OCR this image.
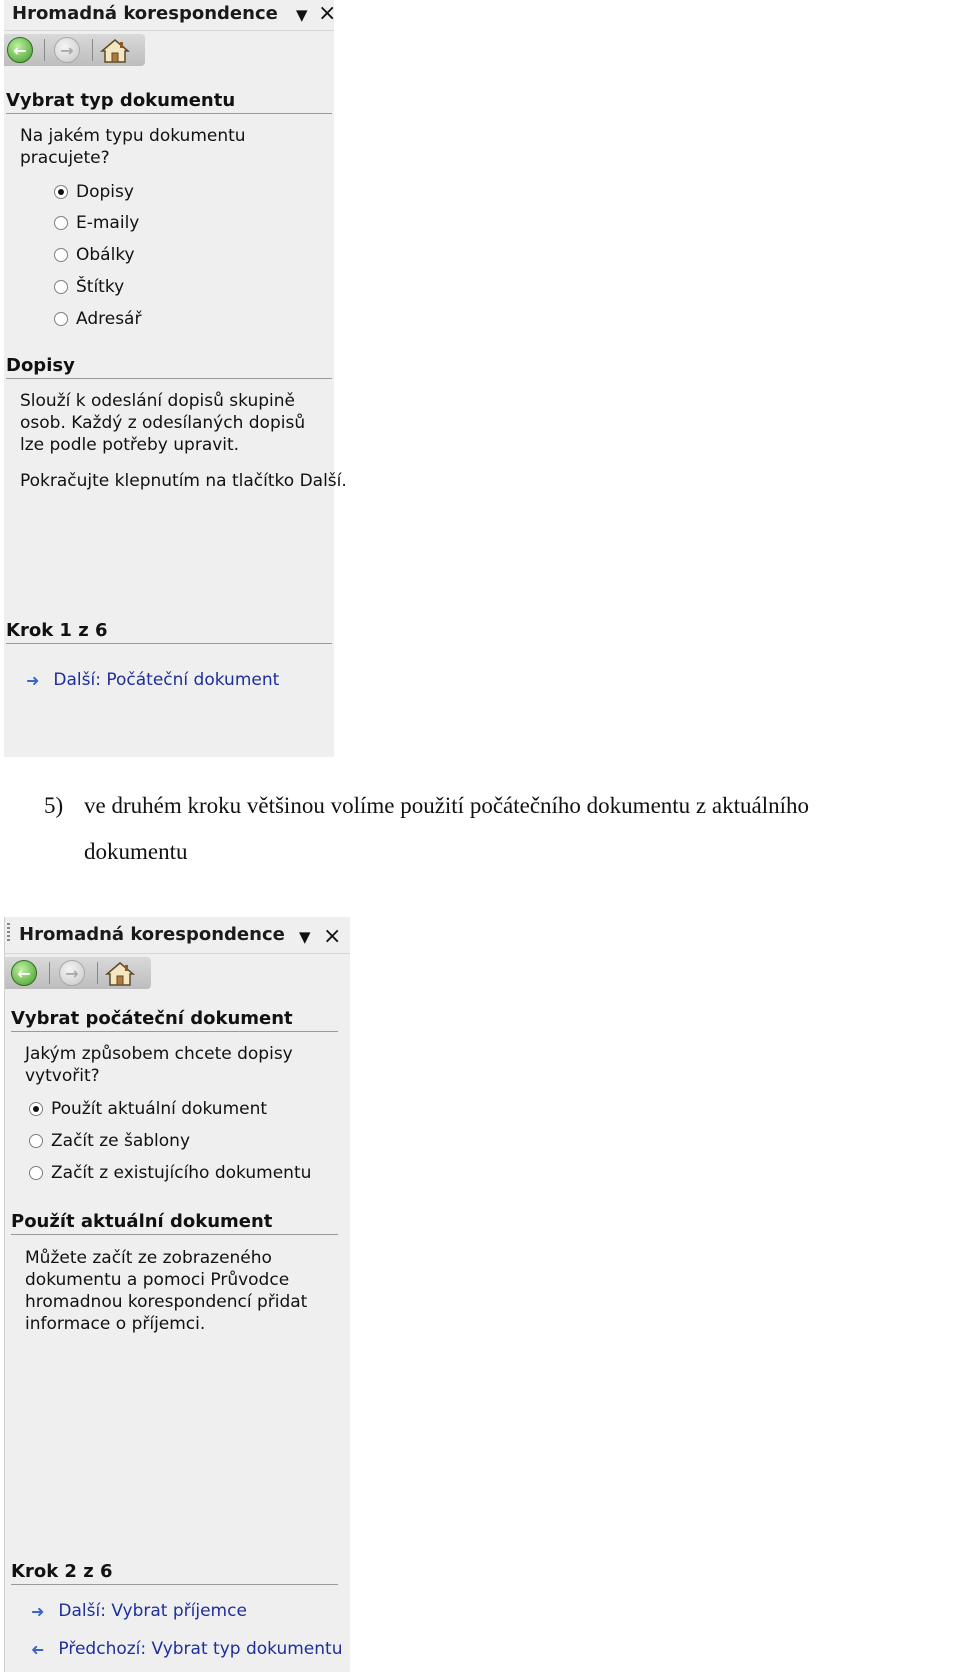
Hromadná korespondence ▼ ×
←	→
Vybrat typ dokumentu
Na jakém typu dokumentu pracujete?
Dopisy
E-maily
Obálky
Štítky
Adresář
Dopisy
Slouží k odeslání dopisů skupině osob. Každý z odesílaných dopisů lze podle potřeby upravit.
Pokračujte klepnutím na tlačítko Další.
Krok 1 z 6
➜ Další: Počáteční dokument
5) ve druhém kroku většinou volíme použití počátečního dokumentu z aktuálního
dokumentu
Hromadná korespondence ▼ ×
←	→
Vybrat počáteční dokument
Jakým způsobem chcete dopisy vytvořit?
Použít aktuální dokument
Začít ze šablony
Začít z existujícího dokumentu
Použít aktuální dokument
Můžete začít ze zobrazeného dokumentu a pomoci Průvodce hromadnou korespondencí přidat informace o příjemci.
Krok 2 z 6
➜ Další: Vybrat příjemce
➜ Předchozí: Vybrat typ dokumentu
